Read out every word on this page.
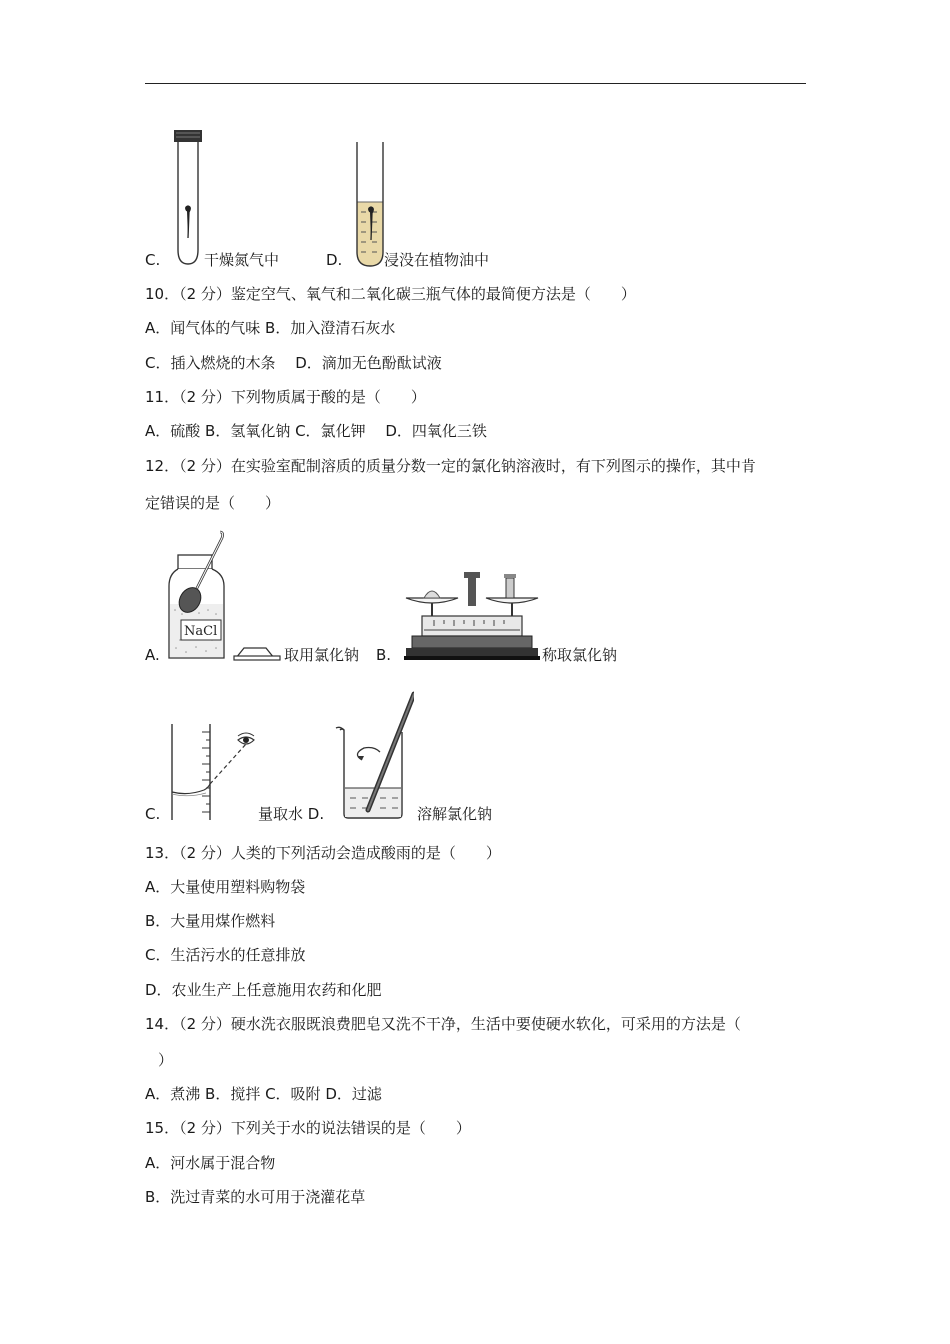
C.	干燥氮气中	D.	浸没在植物油中
10．（2 分）鉴定空气、氧气和二氧化碳三瓶气体的最简便方法是（　　）
A．闻气体的气味 B．加入澄清石灰水
C．插入燃烧的木条　 D．滴加无色酚酞试液
11．（2 分）下列物质属于酸的是（　　）
A．硫酸 B．氢氧化钠 C．氯化钾　 D．四氧化三铁
12．（2 分）在实验室配制溶质的质量分数一定的氯化钠溶液时，有下列图示的操作，其中肯
定错误的是（　　）
NaCl
A.	取用氯化钠 B.	称取氯化钠
C.	量取水 D.	溶解氯化钠
13．（2 分）人类的下列活动会造成酸雨的是（　　）
A．大量使用塑料购物袋
B．大量用煤作燃料
C．生活污水的任意排放
D．农业生产上任意施用农药和化肥
14．（2 分）硬水洗衣服既浪费肥皂又洗不干净，生活中要使硬水软化，可采用的方法是（
）
A．煮沸 B．搅拌 C．吸附 D．过滤
15．（2 分）下列关于水的说法错误的是（　　）
A．河水属于混合物
B．洗过青菜的水可用于浇灌花草
